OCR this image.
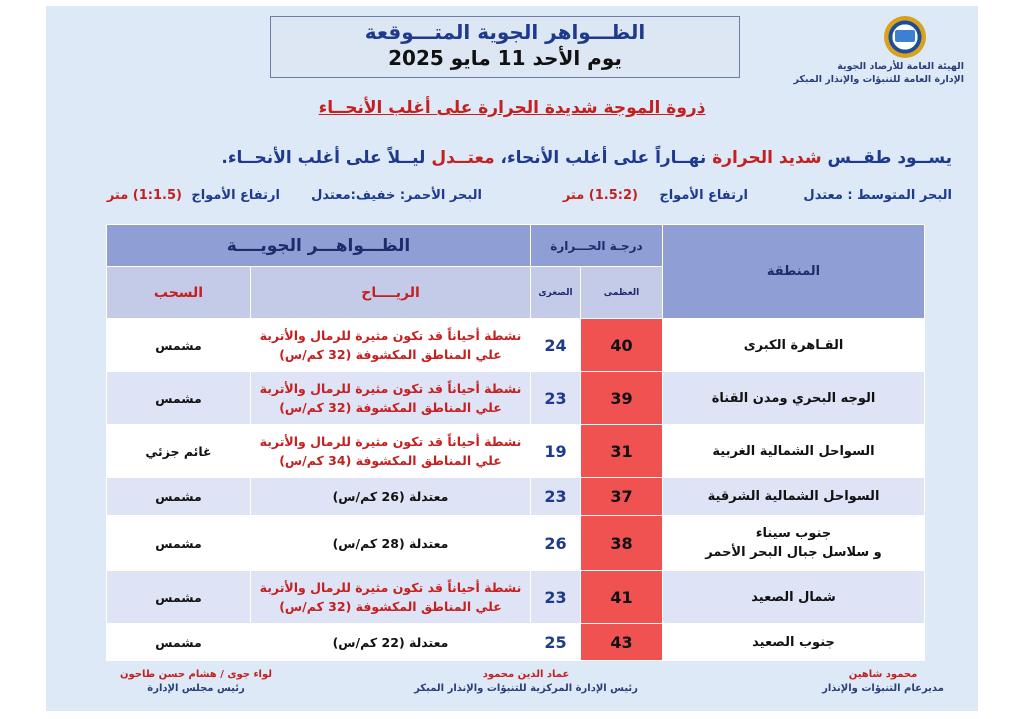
الظـــواهر الجوية المتـــوقعة
يوم الأحد 11 مايو 2025	الهيئة العامة للأرصاد الجوية
الإدارة العامة للتنبؤات والإنذار المبكر
ذروة الموجة شديدة الحرارة على أغلب الأنحــاء
يســود طقــس شديد الحرارة نهــاراً على أغلب الأنحاء، معتــدل ليــلاً على أغلب الأنحــاء.
البحر المتوسط : معتدل
ارتفاع الأمواج
(1.5:2) متر
البحر الأحمر: خفيف:معتدل
ارتفاع الأمواج
(1:1.5) متر
المنطقة	درجـة الحـــرارة		الظـــواهـــر الجويــــة	
	العظمى	الصغرى	الريــــاح	السحب
القـاهرة الكبرى	40	24	نشطة أحياناً قد تكون مثيرة للرمال والأتربة
علي المناطق المكشوفة (32 كم/س)	مشمس
الوجه البحري ومدن القناة	39	23	نشطة أحياناً قد تكون مثيرة للرمال والأتربة
علي المناطق المكشوفة (32 كم/س)	مشمس
السواحل الشمالية الغربية	31	19	نشطة أحياناً قد تكون مثيرة للرمال والأتربة
علي المناطق المكشوفة (34 كم/س)	غائم جزئي
السواحل الشمالية الشرقية	37	23	معتدلة (26 كم/س)	مشمس

جنوب سيناء
و سلاسل جبال البحر الأحمر	38	26	معتدلة (28 كم/س)	مشمس
شمال الصعيد	41	23	نشطة أحياناً قد تكون مثيرة للرمال والأتربة
علي المناطق المكشوفة (32 كم/س)	مشمس
جنوب الصعيد	43	25	معتدلة (22 كم/س)	مشمس
محمود شاهين
مديرعام التنبؤات والإنذار
عماد الدين محمود
رئيس الإدارة المركزية للتنبؤات والإنذار المبكر
لواء جوى / هشام حسن طاحون
رئيس مجلس الإدارة
